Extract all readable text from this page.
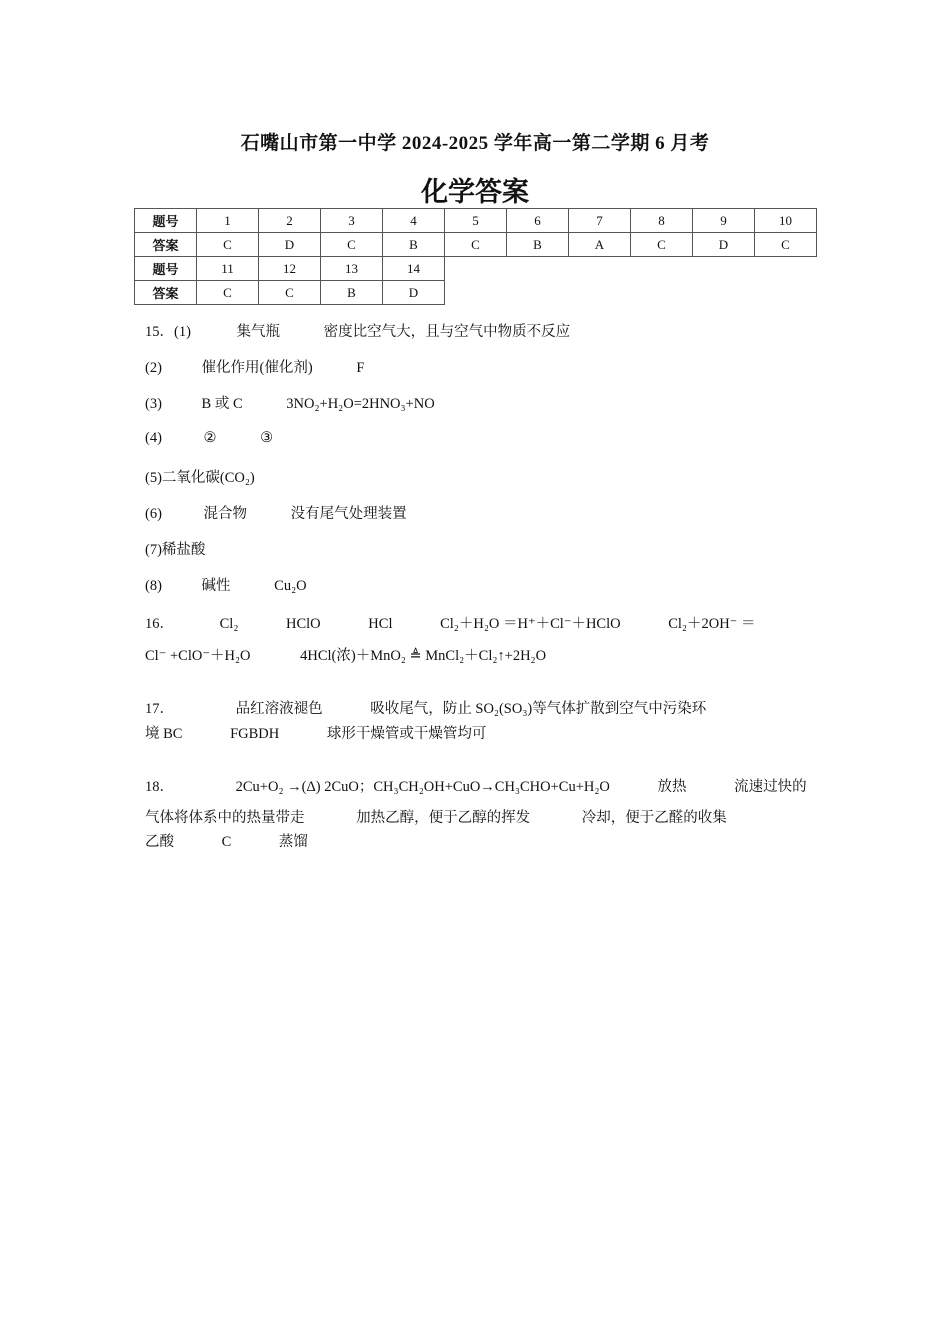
石嘴山市第一中学 2024-2025 学年高一第二学期 6 月考
化学答案
题号	1	2	3	4	5	6	7	8	9	10
答案	C	D	C	B	C	B	A	C	D	C
题号	11	12	13	14						
答案	C	C	B	D						
15．(1)	集气瓶	密度比空气大，且与空气中物质不反应
(2)	催化作用(催化剂)	F
(3)	B 或 C	3NO₂+H₂O=2HNO₃+NO
(4)	②	③
(5)二氧化碳(CO₂)
(6)	混合物	没有尾气处理装置
(7)稀盐酸
(8)	碱性	Cu₂O
16．	Cl₂	HClO	HCl	Cl₂＋H₂O ＝H⁺＋Cl⁻＋HClO	Cl₂＋2OH⁻ ＝
Cl⁻ +ClO⁻＋H₂O	4HCl(浓)＋MnO₂ ≜ MnCl₂＋Cl₂↑+2H₂O
17．	品红溶液褪色	吸收尾气，防止 SO₂(SO₃)等气体扩散到空气中污染环
境 BC	FGBDH	球形干燥管或干燥管均可
18．	2Cu+O₂ →(Δ) 2CuO；CH₃CH₂OH+CuO→CH₃CHO+Cu+H₂O	放热	流速过快的
气体将体系中的热量带走	加热乙醇，便于乙醇的挥发	冷却，便于乙醛的收集
乙酸	C	蒸馏
